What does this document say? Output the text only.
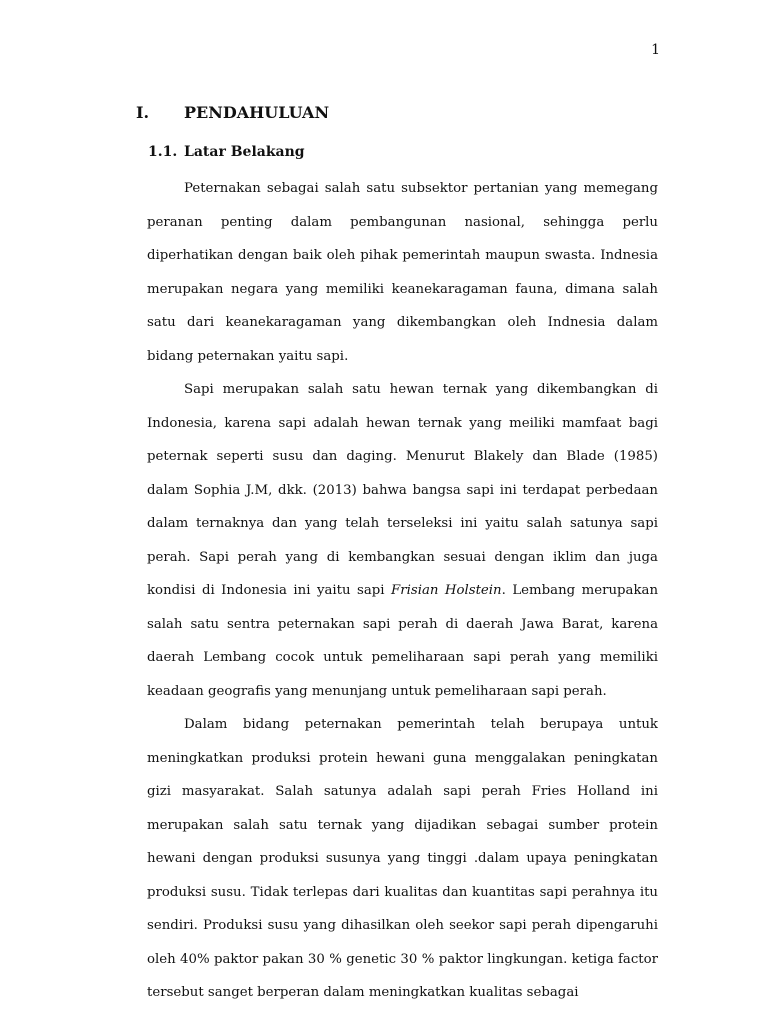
1
I. PENDAHULUAN
1.1. Latar Belakang

Peternakan sebagai salah satu subsektor pertanian yang memegang peranan penting dalam pembangunan nasional, sehingga perlu diperhatikan dengan baik oleh pihak pemerintah maupun swasta. Indnesia merupakan negara yang memiliki keanekaragaman fauna, dimana salah satu dari keanekaragaman yang dikembangkan oleh Indnesia dalam bidang peternakan yaitu sapi.

Sapi merupakan salah satu hewan ternak yang dikembangkan di Indonesia, karena sapi adalah hewan ternak yang meiliki mamfaat bagi peternak seperti susu dan daging. Menurut Blakely dan Blade (1985) dalam Sophia J.M, dkk. (2013) bahwa bangsa sapi ini terdapat perbedaan dalam ternaknya dan yang telah terseleksi ini yaitu salah satunya sapi perah. Sapi perah yang di kembangkan sesuai dengan iklim dan juga kondisi di Indonesia ini yaitu sapi Frisian Holstein. Lembang merupakan salah satu sentra peternakan sapi perah di daerah Jawa Barat, karena daerah Lembang cocok untuk pemeliharaan sapi perah yang memiliki keadaan geografis yang menunjang untuk pemeliharaan sapi perah.

Dalam bidang peternakan pemerintah telah berupaya untuk meningkatkan produksi protein hewani guna menggalakan peningkatan gizi masyarakat. Salah satunya adalah sapi perah Fries Holland ini merupakan salah satu ternak yang dijadikan sebagai sumber protein hewani dengan produksi susunya yang tinggi .dalam upaya peningkatan produksi susu. Tidak terlepas dari kualitas dan kuantitas sapi perahnya itu sendiri. Produksi susu yang dihasilkan oleh seekor sapi perah dipengaruhi oleh 40% paktor pakan 30 % genetic 30 % paktor lingkungan. ketiga factor tersebut sanget berperan dalam meningkatkan kualitas sebagai
